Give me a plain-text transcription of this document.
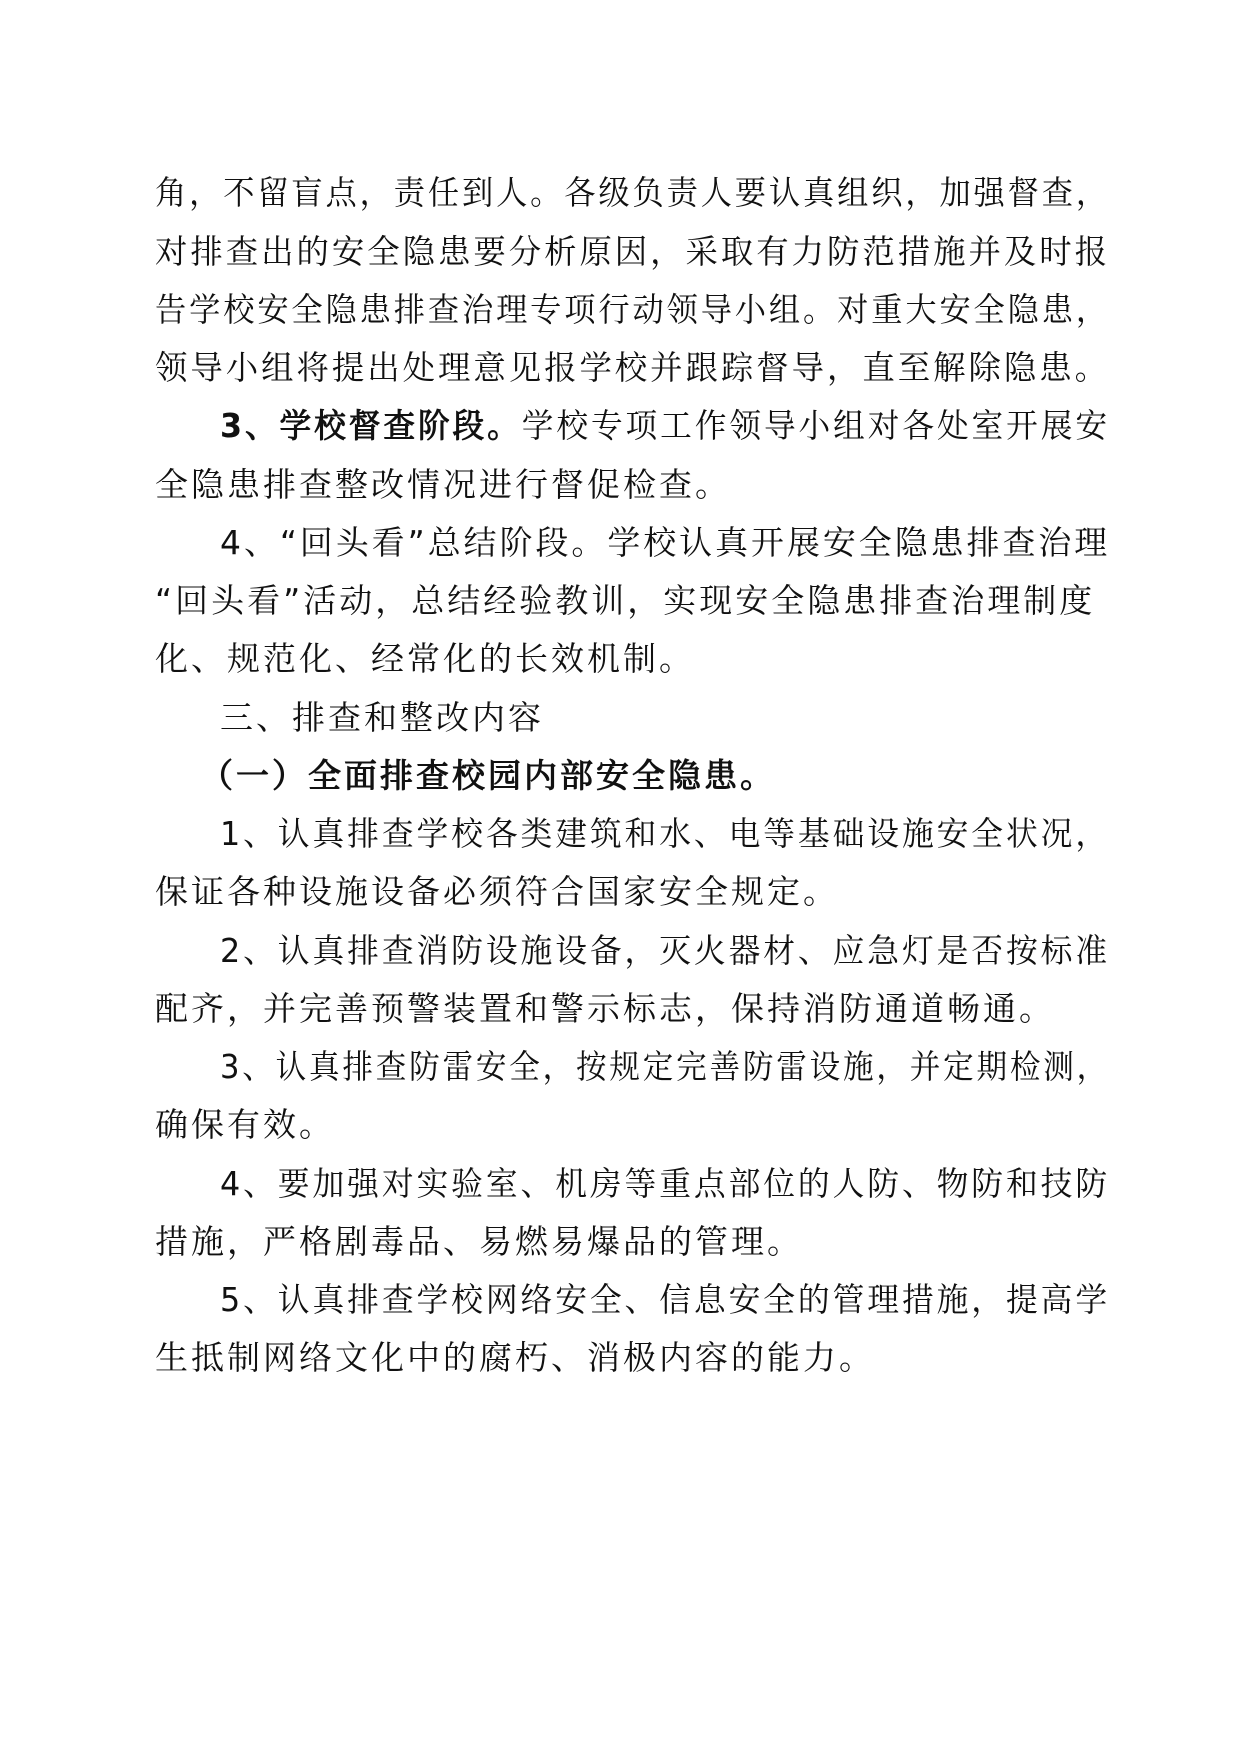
角，不留盲点，责任到人。各级负责人要认真组织，加强督查，
对排查出的安全隐患要分析原因，采取有力防范措施并及时报
告学校安全隐患排查治理专项行动领导小组。对重大安全隐患，
领导小组将提出处理意见报学校并跟踪督导，直至解除隐患。
3、学校督查阶段。学校专项工作领导小组对各处室开展安
全隐患排查整改情况进行督促检查。
4、“回头看”总结阶段。学校认真开展安全隐患排查治理
“回头看”活动，总结经验教训，实现安全隐患排查治理制度
化、规范化、经常化的长效机制。
三、排查和整改内容
（一）全面排查校园内部安全隐患。
1、认真排查学校各类建筑和水、电等基础设施安全状况，
保证各种设施设备必须符合国家安全规定。
2、认真排查消防设施设备，灭火器材、应急灯是否按标准
配齐，并完善预警装置和警示标志，保持消防通道畅通。
3、认真排查防雷安全，按规定完善防雷设施，并定期检测，
确保有效。
4、要加强对实验室、机房等重点部位的人防、物防和技防
措施，严格剧毒品、易燃易爆品的管理。
5、认真排查学校网络安全、信息安全的管理措施，提高学
生抵制网络文化中的腐朽、消极内容的能力。
